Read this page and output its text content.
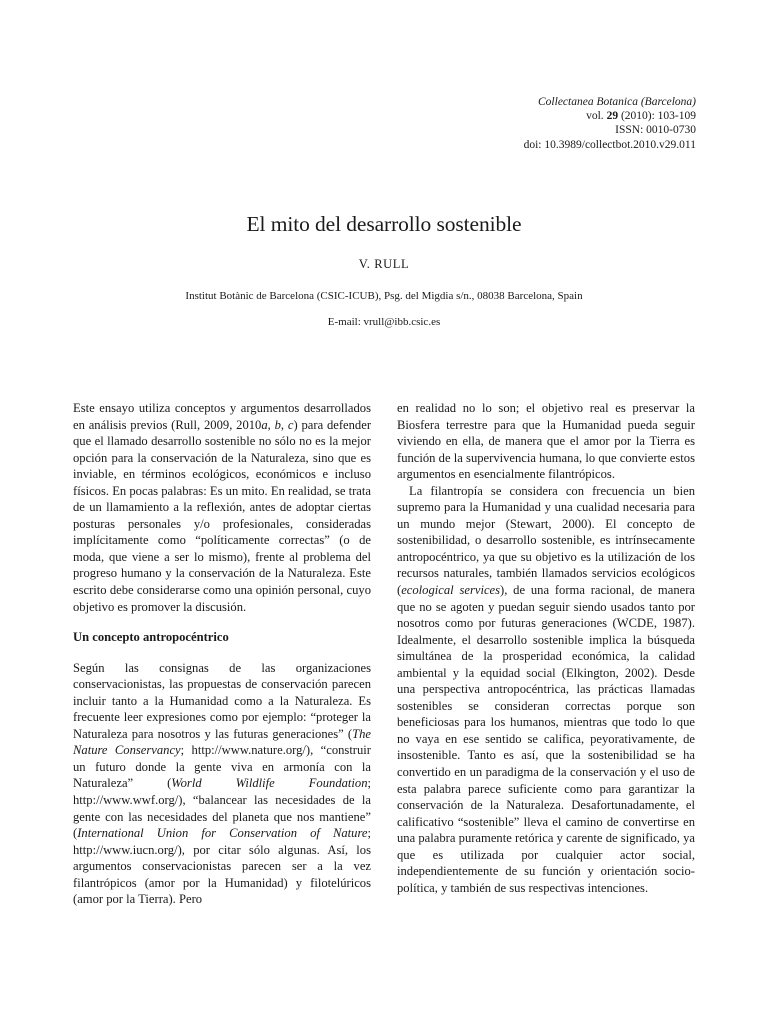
Collectanea Botanica (Barcelona)
vol. 29 (2010): 103-109
ISSN: 0010-0730
doi: 10.3989/collectbot.2010.v29.011
El mito del desarrollo sostenible
V. RULL
Institut Botànic de Barcelona (CSIC-ICUB), Psg. del Migdia s/n., 08038 Barcelona, Spain
E-mail: vrull@ibb.csic.es

Este ensayo utiliza conceptos y argumentos desarrollados en análisis previos (Rull, 2009, 2010a, b, c) para defender que el llamado desarrollo sostenible no sólo no es la mejor opción para la conservación de la Naturaleza, sino que es inviable, en términos ecológicos, económicos e incluso físicos. En pocas palabras: Es un mito. En realidad, se trata de un llamamiento a la reflexión, antes de adoptar ciertas posturas personales y/o profesionales, consideradas implícitamente como “políticamente correctas” (o de moda, que viene a ser lo mismo), frente al problema del progreso humano y la conservación de la Naturaleza. Este escrito debe considerarse como una opinión personal, cuyo objetivo es promover la discusión.

Un concepto antropocéntrico

Según las consignas de las organizaciones conservacionistas, las propuestas de conservación parecen incluir tanto a la Humanidad como a la Naturaleza. Es frecuente leer expresiones como por ejemplo: “proteger la Naturaleza para nosotros y las futuras generaciones” (The Nature Conservancy; http://www.nature.org/), “construir un futuro donde la gente viva en armonía con la Naturaleza” (World Wildlife Foundation; http://www.wwf.org/), “balancear las necesidades de la gente con las necesidades del planeta que nos mantiene” (International Union for Conservation of Nature; http://www.iucn.org/), por citar sólo algunas. Así, los argumentos conservacionistas parecen ser a la vez filantrópicos (amor por la Humanidad) y filotelúricos (amor por la Tierra). Pero

en realidad no lo son; el objetivo real es preservar la Biosfera terrestre para que la Humanidad pueda seguir viviendo en ella, de manera que el amor por la Tierra es función de la supervivencia humana, lo que convierte estos argumentos en esencialmente filantrópicos.

La filantropía se considera con frecuencia un bien supremo para la Humanidad y una cualidad necesaria para un mundo mejor (Stewart, 2000). El concepto de sostenibilidad, o desarrollo sostenible, es intrínsecamente antropocéntrico, ya que su objetivo es la utilización de los recursos naturales, también llamados servicios ecológicos (ecological services), de una forma racional, de manera que no se agoten y puedan seguir siendo usados tanto por nosotros como por futuras generaciones (WCDE, 1987). Idealmente, el desarrollo sostenible implica la búsqueda simultánea de la prosperidad económica, la calidad ambiental y la equidad social (Elkington, 2002). Desde una perspectiva antropocéntrica, las prácticas llamadas sostenibles se consideran correctas porque son beneficiosas para los humanos, mientras que todo lo que no vaya en ese sentido se califica, peyorativamente, de insostenible. Tanto es así, que la sostenibilidad se ha convertido en un paradigma de la conservación y el uso de esta palabra parece suficiente como para garantizar la conservación de la Naturaleza. Desafortunadamente, el calificativo “sostenible” lleva el camino de convertirse en una palabra puramente retórica y carente de significado, ya que es utilizada por cualquier actor social, independientemente de su función y orientación socio-política, y también de sus respectivas intenciones.
